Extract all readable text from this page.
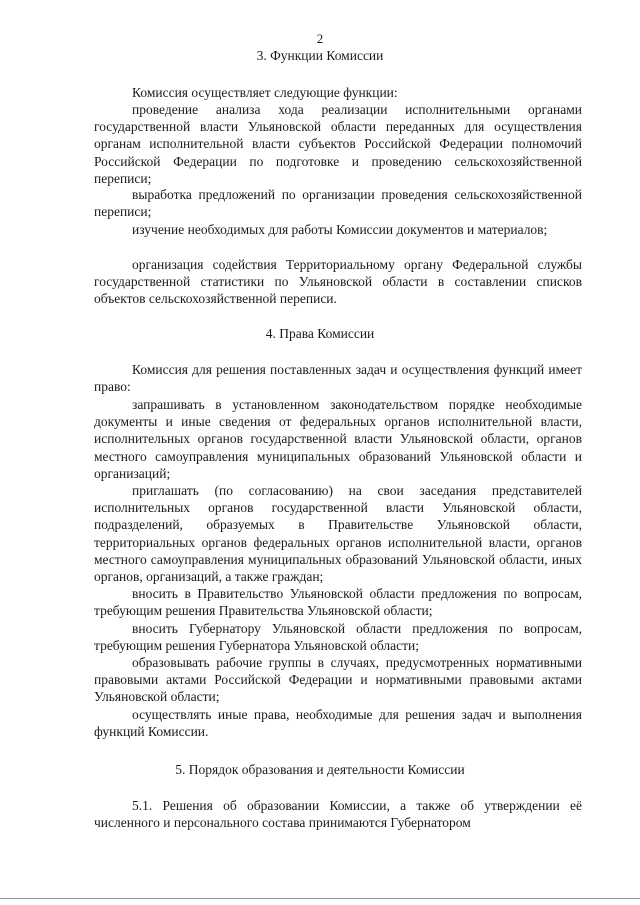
2
3. Функции Комиссии

Комиссия осуществляет следующие функции:

проведение анализа хода реализации исполнительными органами государственной власти Ульяновской области переданных для осуществления органам исполнительной власти субъектов Российской Федерации полномочий Российской Федерации по подготовке и проведению сельскохозяйственной переписи;

выработка предложений по организации проведения сельскохозяйственной переписи;

изучение необходимых для работы Комиссии документов и материалов;

организация содействия Территориальному органу Федеральной службы государственной статистики по Ульяновской области в составлении списков объектов сельскохозяйственной переписи.

4. Права Комиссии

Комиссия для решения поставленных задач и осуществления функций имеет право:

запрашивать в установленном законодательством порядке необходимые документы и иные сведения от федеральных органов исполнительной власти, исполнительных органов государственной власти Ульяновской области, органов местного самоуправления муниципальных образований Ульяновской области и организаций;

приглашать (по согласованию) на свои заседания представителей исполнительных органов государственной власти Ульяновской области, подразделений, образуемых в Правительстве Ульяновской области, территориальных органов федеральных органов исполнительной власти, органов местного самоуправления муниципальных образований Ульяновской области, иных органов, организаций, а также граждан;

вносить в Правительство Ульяновской области предложения по вопросам, требующим решения Правительства Ульяновской области;

вносить Губернатору Ульяновской области предложения по вопросам, требующим решения Губернатора Ульяновской области;

образовывать рабочие группы в случаях, предусмотренных нормативными правовыми актами Российской Федерации и нормативными правовыми актами Ульяновской области;

осуществлять иные права, необходимые для решения задач и выполнения функций Комиссии.

5. Порядок образования и деятельности Комиссии

5.1. Решения об образовании Комиссии, а также об утверждении её численного и персонального состава принимаются Губернатором
